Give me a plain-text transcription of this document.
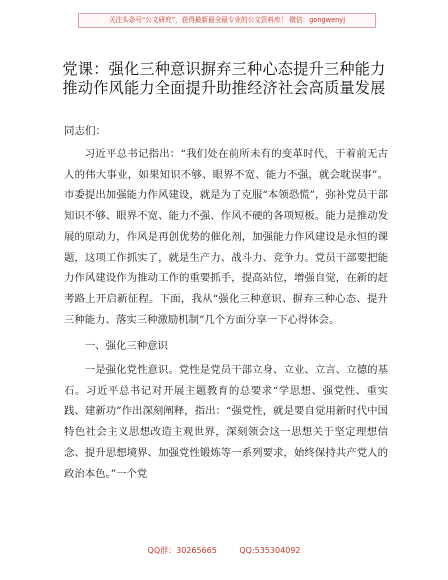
关注头条号“公文研究”，获得最新最全最专业的公文资料库！ 微信：gongwenyj
党课：强化三种意识摒弃三种心态提升三种能力推动作风能力全面提升助推经济社会高质量发展
同志们：

习近平总书记指出：“我们处在前所未有的变革时代，干着前无古人的伟大事业，如果知识不够、眼界不宽、能力不强，就会耽误事”。市委提出加强能力作风建设，就是为了克服“本领恐慌”，弥补党员干部知识不够、眼界不宽、能力不强、作风不硬的各项短板。能力是推动发展的原动力，作风是再创优势的催化剂，加强能力作风建设是永恒的课题，这项工作抓实了，就是生产力、战斗力、竞争力。党员干部要把能力作风建设作为推动工作的重要抓手，提高站位，增强自觉，在新的赶考路上开启新征程。下面，我从“强化三种意识、摒弃三种心态、提升三种能力、落实三种激励机制”几个方面分享一下心得体会。

一、强化三种意识

一是强化党性意识。党性是党员干部立身、立业、立言、立德的基石。习近平总书记对开展主题教育的总要求“学思想、强党性、重实践、建新功”作出深刻阐释，指出：“强党性，就是要自觉用新时代中国特色社会主义思想改造主观世界，深刻领会这一思想关于坚定理想信念、提升思想境界、加强党性锻炼等一系列要求，始终保持共产党人的政治本色。”一个党

QQ群：30265665	QQ:535304092
